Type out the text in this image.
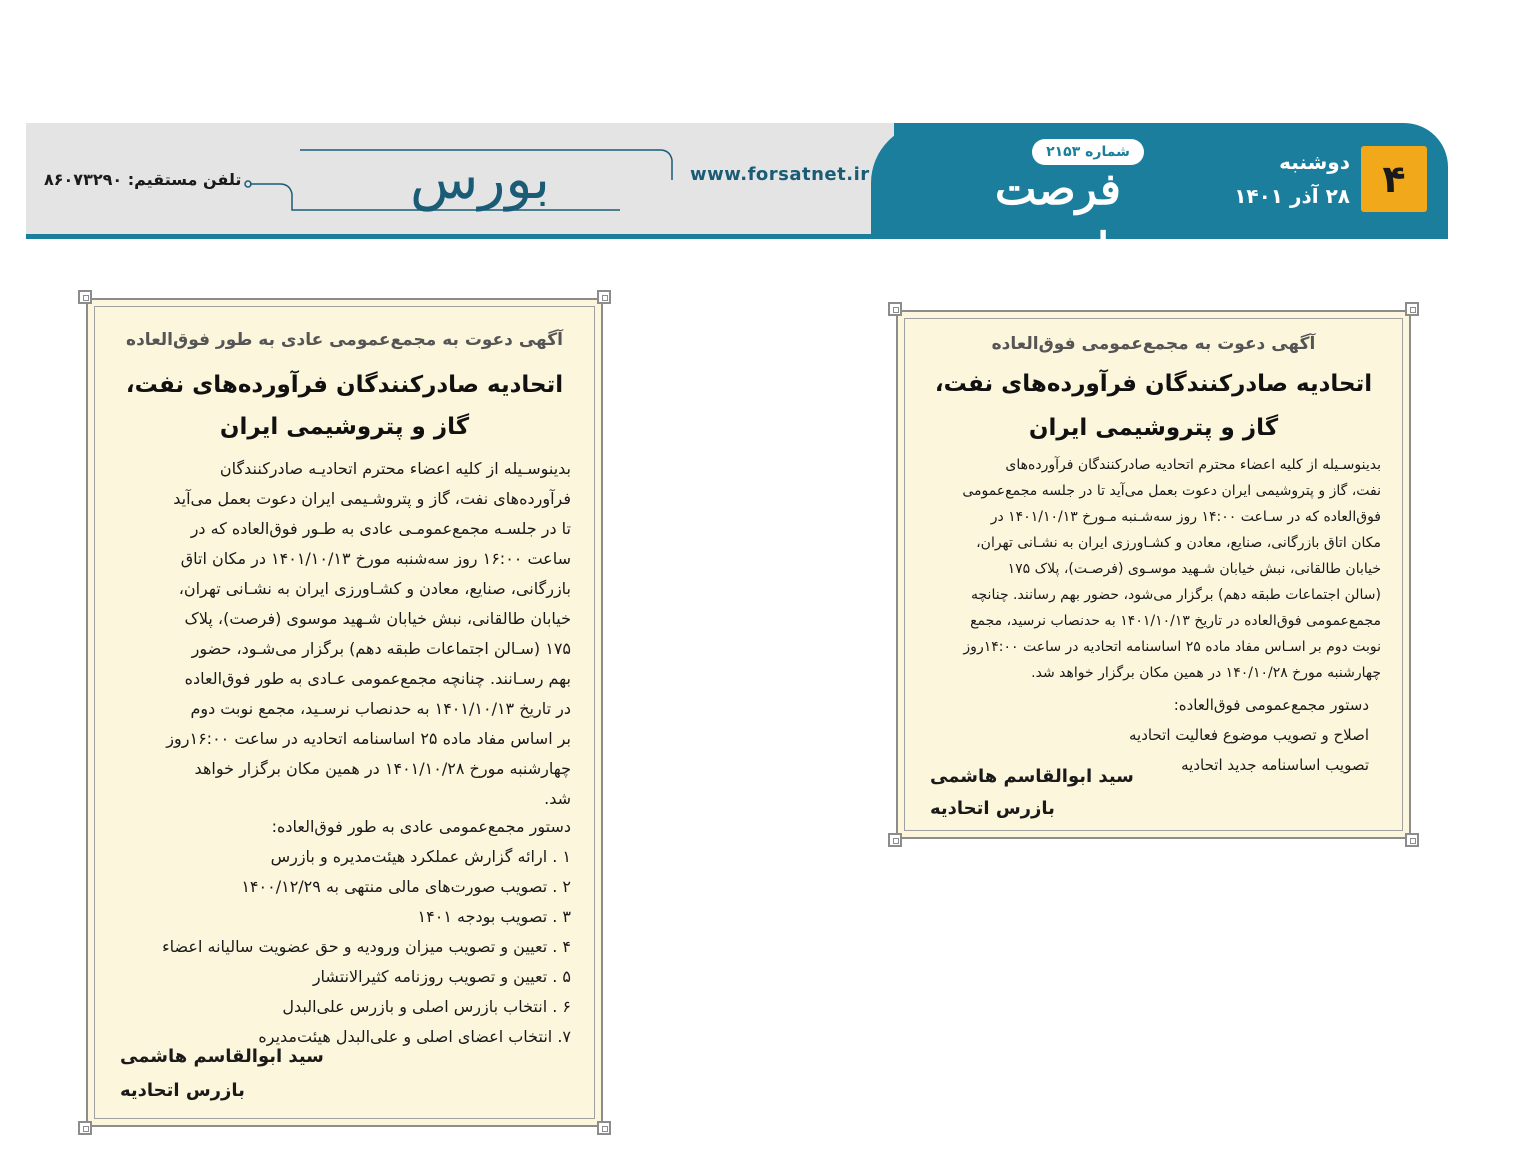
۴
دوشنبه
۲۸ آذر ۱۴۰۱
شماره ۲۱۵۳
فرصت امروز
www.forsatnet.ir
بورس
تلفن مستقیم: ۸۶۰۷۳۲۹۰
آگهی دعوت به مجمع‌عمومی عادی به طور فوق‌العاده
اتحادیه صادرکنندگان فرآورده‌های نفت،
گاز و پتروشیمی ایران
بدینوسـیله از کلیه اعضاء محترم اتحادیـه صادرکنندگان
فرآورده‌های نفت، گاز و پتروشـیمی ایران دعوت بعمل می‌آید
تا در جلسـه مجمع‌عمومـی عادی به طـور فوق‌العاده که در
ساعت ۱۶:۰۰ روز سه‌شنبه مورخ ۱۴۰۱/۱۰/۱۳ در مکان اتاق
بازرگانی، صنایع، معادن و کشـاورزی ایران به نشـانی تهران،
خیابان طالقانی، نبش خیابان شـهید موسوی (فرصت)، پلاک
۱۷۵ (سـالن اجتماعات طبقه دهم) برگزار می‌شـود، حضور
بهم رسـانند. چنانچه مجمع‌عمومی عـادی به طور فوق‌العاده
در تاریخ ۱۴۰۱/۱۰/۱۳ به حدنصاب نرسـید، مجمع نوبت دوم
بر اساس مفاد ماده ۲۵ اساسنامه اتحادیه در ساعت ۱۶:۰۰روز
چهارشنبه مورخ ۱۴۰۱/۱۰/۲۸ در همین مکان برگزار خواهد
شد.
دستور مجمع‌عمومی عادی به طور فوق‌العاده:
۱ . ارائه گزارش عملکرد هیئت‌مدیره و بازرس
۲ . تصویب صورت‌های مالی منتهی به ۱۴۰۰/۱۲/۲۹
۳ . تصویب بودجه ۱۴۰۱
۴ . تعیین و تصویب میزان ورودیه و حق عضویت سالیانه اعضاء
۵ . تعیین و تصویب روزنامه کثیرالانتشار
۶ . انتخاب بازرس اصلی و بازرس علی‌البدل
۷. انتخاب اعضای اصلی و علی‌البدل هیئت‌مدیره
سید ابوالقاسم هاشمی
بازرس اتحادیه
آگهی دعوت به مجمع‌عمومی فوق‌العاده
اتحادیه صادرکنندگان فرآورده‌های نفت،
گاز و پتروشیمی ایران
بدینوسـیله از کلیه اعضاء محترم اتحادیه صادرکنندگان فرآورده‌های
نفت، گاز و پتروشیمی ایران دعوت بعمل می‌آید تا در جلسه مجمع‌عمومی
فوق‌العاده که در سـاعت ۱۴:۰۰ روز سه‌شـنبه مـورخ ۱۴۰۱/۱۰/۱۳ در
مکان اتاق بازرگانی، صنایع، معادن و کشـاورزی ایران به نشـانی تهران،
خیابان طالقانی، نبش خیابان شـهید موسـوی (فرصـت)، پلاک ۱۷۵
(سالن اجتماعات طبقه دهم) برگزار می‌شود، حضور بهم رسانند. چنانچه
مجمع‌عمومی فوق‌العاده در تاریخ ۱۴۰۱/۱۰/۱۳ به حدنصاب نرسید، مجمع
نوبت دوم بر اسـاس مفاد ماده ۲۵ اساسنامه اتحادیه در ساعت ۱۴:۰۰روز
چهارشنبه مورخ ۱۴۰/۱۰/۲۸ در همین مکان برگزار خواهد شد.
دستور مجمع‌عمومی فوق‌العاده:
اصلاح و تصویب موضوع فعالیت اتحادیه
تصویب اساسنامه جدید اتحادیه
سید ابوالقاسم هاشمی
بازرس اتحادیه
